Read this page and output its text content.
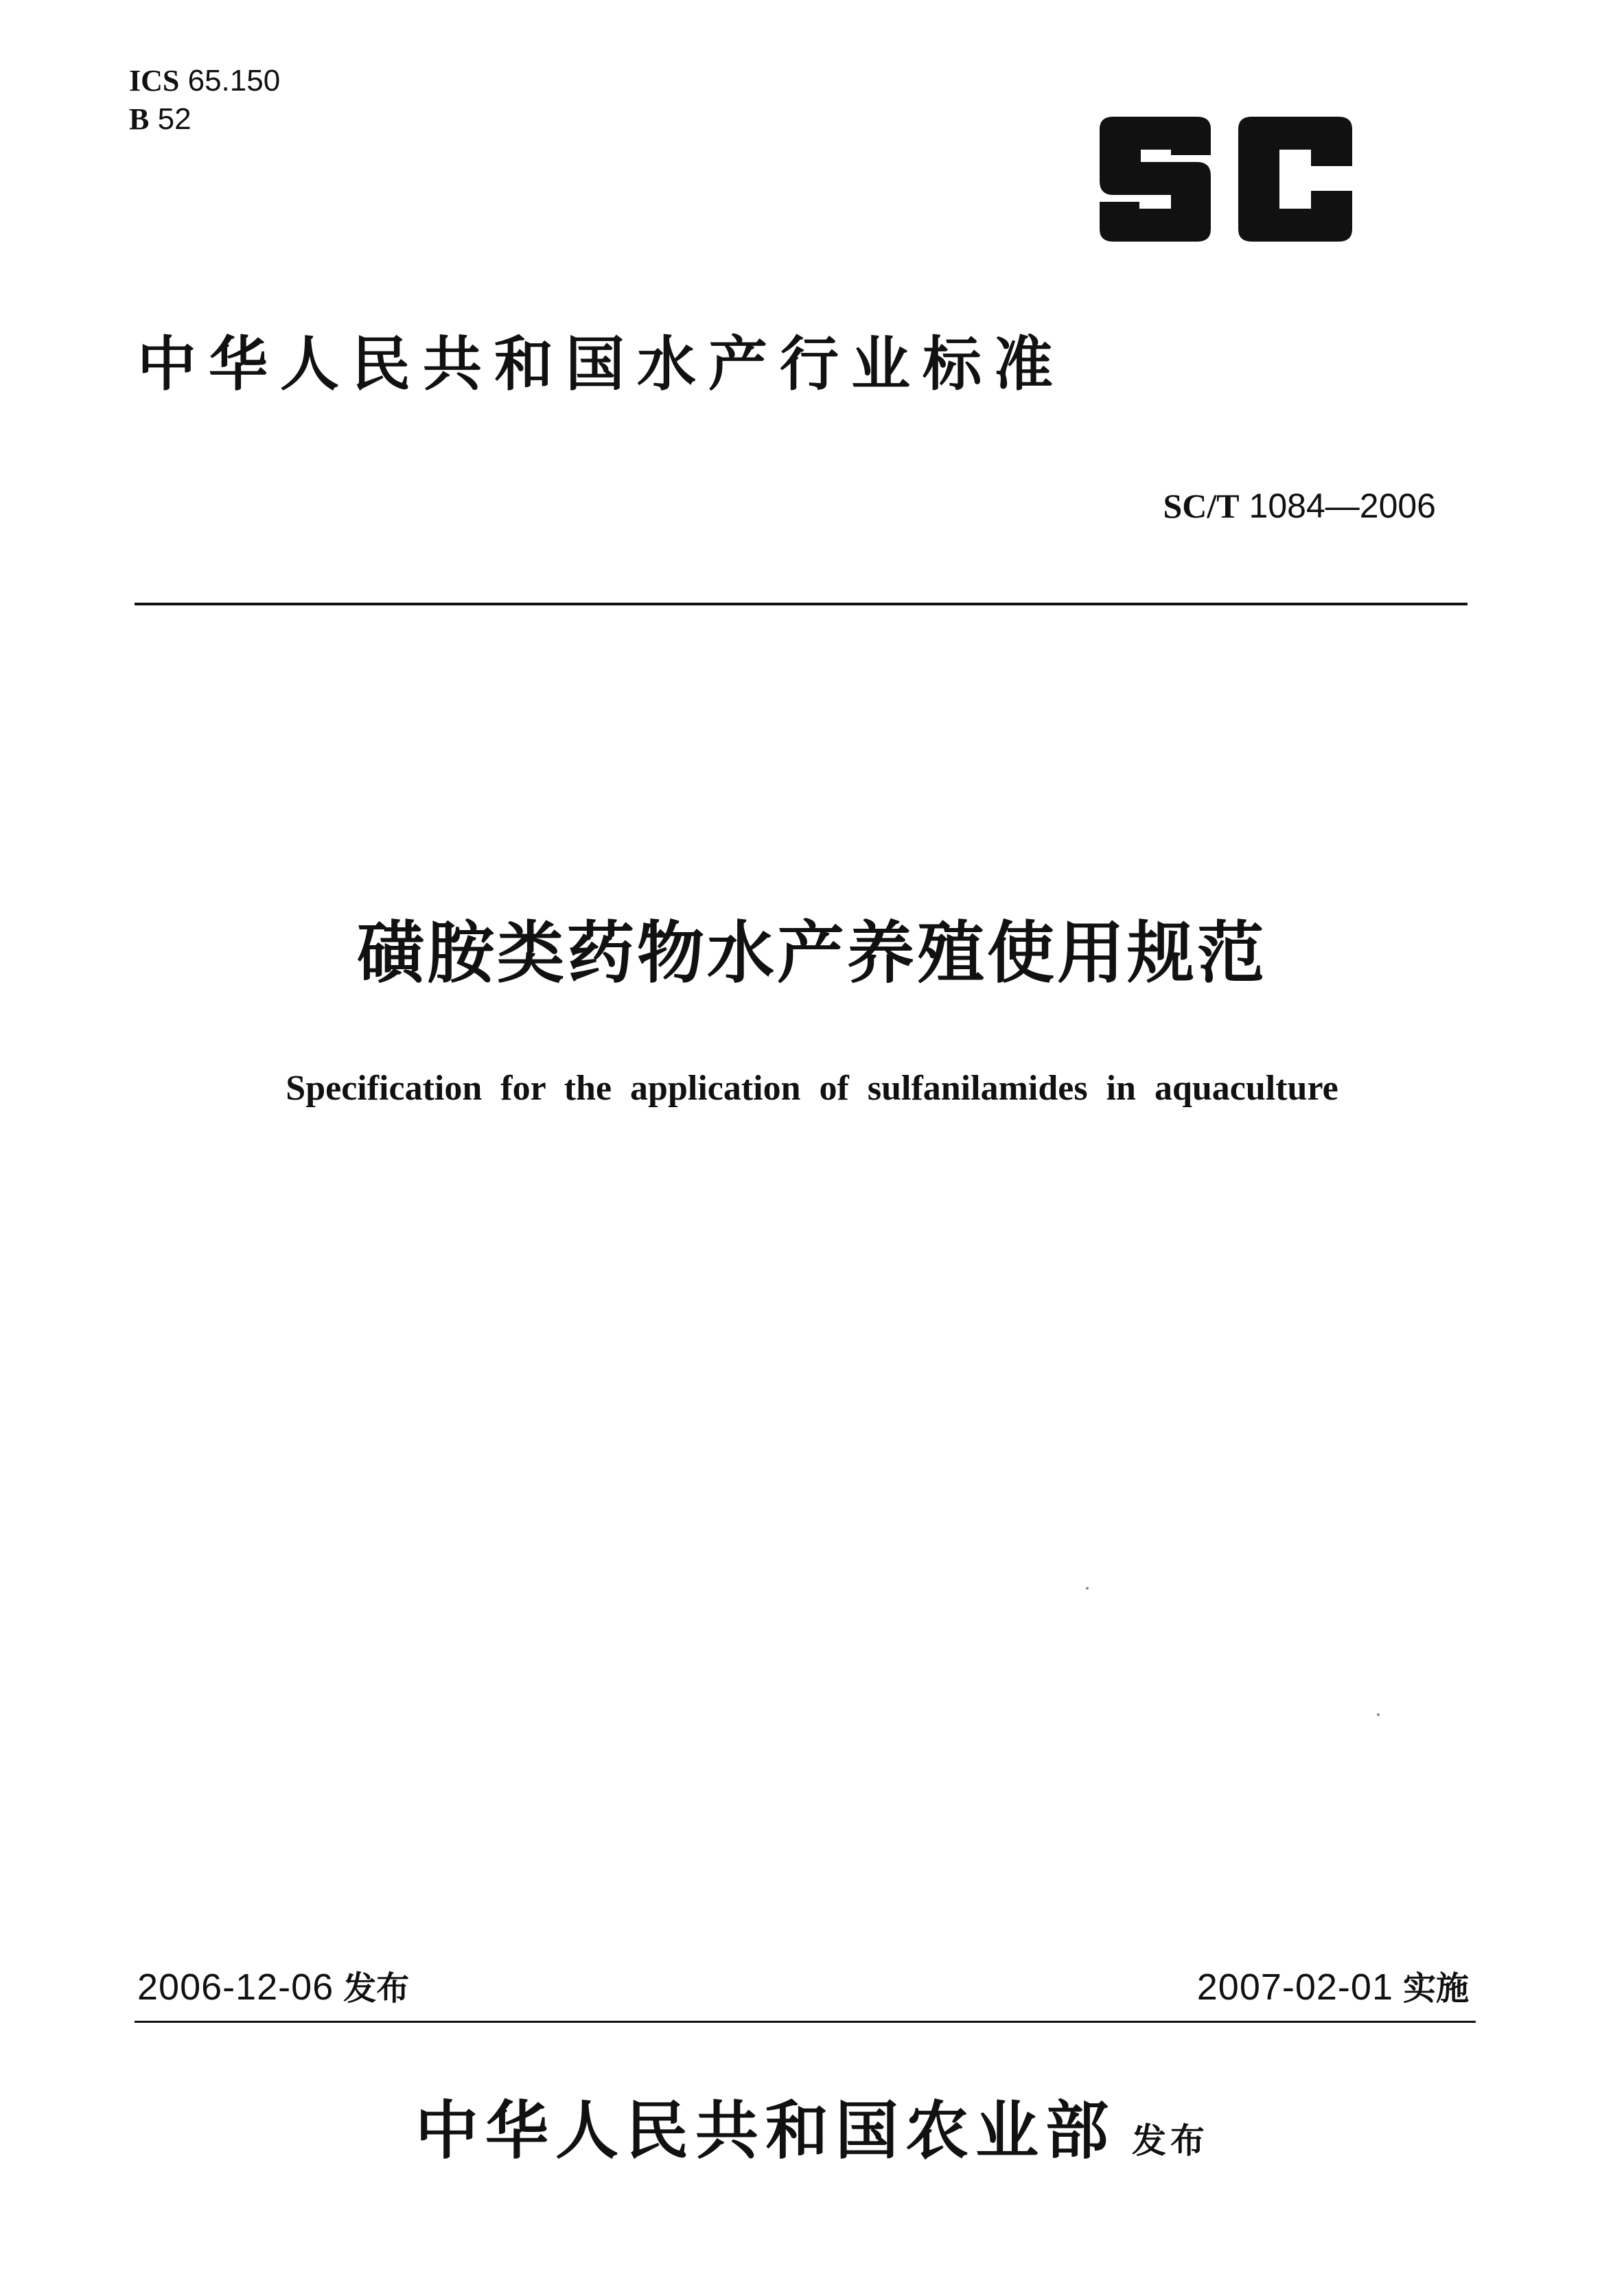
ICS 65.150
B 52
中华人民共和国水产行业标准
SC/T 1084—2006
磺胺类药物水产养殖使用规范
Specification for the application of sulfanilamides in aquaculture
2006-12-06 发布	2007-02-01 实施
中华人民共和国农业部 发布
